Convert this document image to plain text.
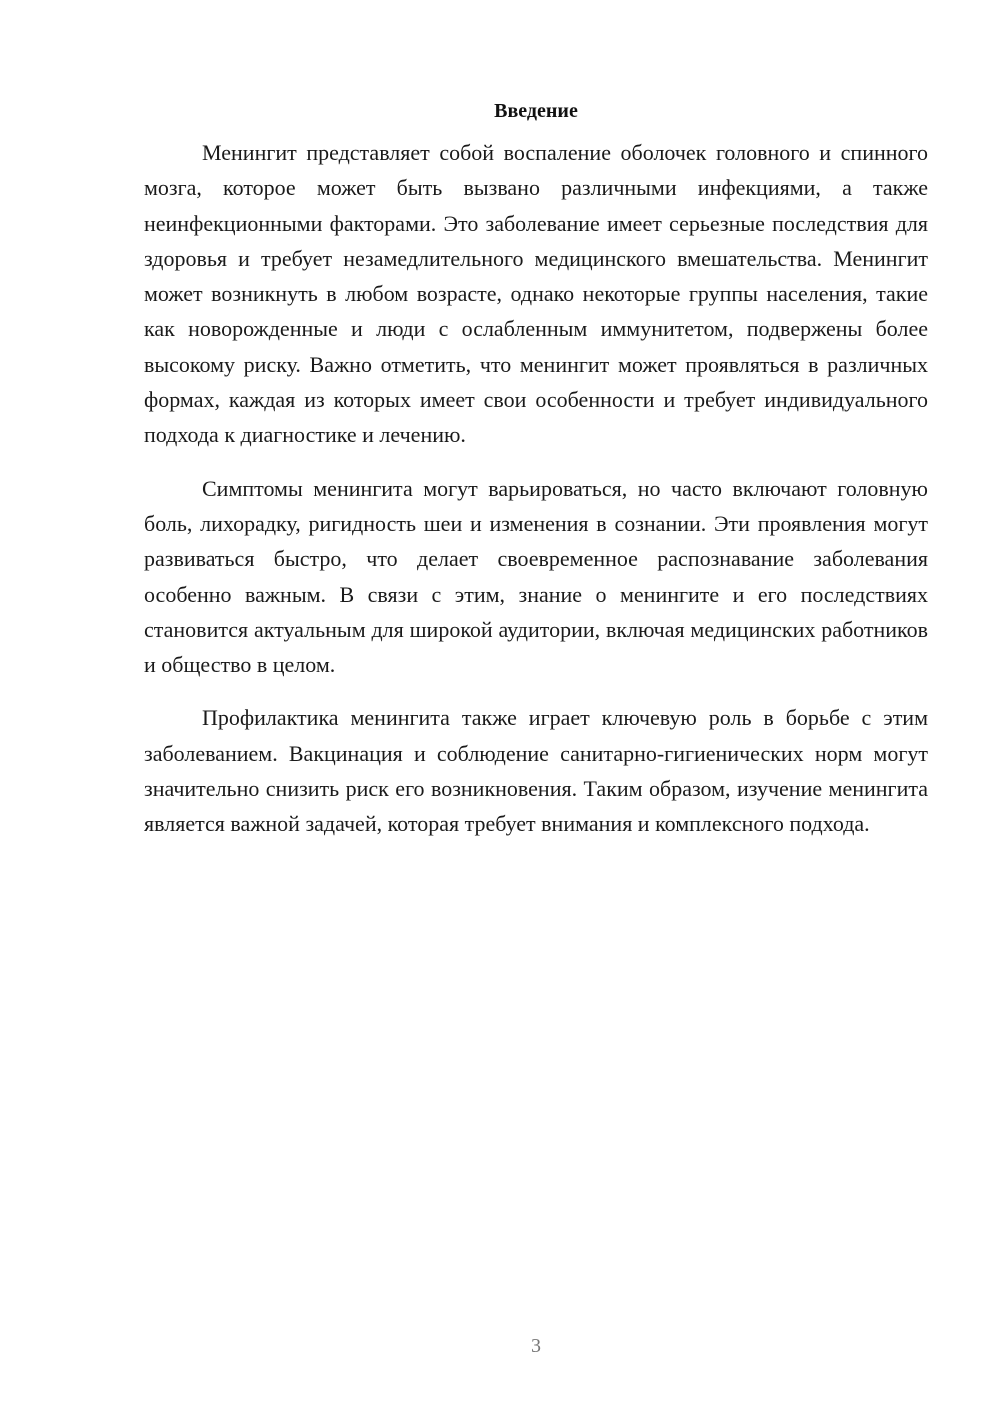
Введение

Менингит представляет собой воспаление оболочек головного и спинного мозга, которое может быть вызвано различными инфекциями, а также неинфекционными факторами. Это заболевание имеет серьезные последствия для здоровья и требует незамедлительного медицинского вмешательства. Менингит может возникнуть в любом возрасте, однако некоторые группы населения, такие как новорожденные и люди с ослабленным иммунитетом, подвержены более высокому риску. Важно отметить, что менингит может проявляться в различных формах, каждая из которых имеет свои особенности и требует индивидуального подхода к диагностике и лечению.

Симптомы менингита могут варьироваться, но часто включают головную боль, лихорадку, ригидность шеи и изменения в сознании. Эти проявления могут развиваться быстро, что делает своевременное распознавание заболевания особенно важным. В связи с этим, знание о менингите и его последствиях становится актуальным для широкой аудитории, включая медицинских работников и общество в целом.

Профилактика менингита также играет ключевую роль в борьбе с этим заболеванием. Вакцинация и соблюдение санитарно-гигиенических норм могут значительно снизить риск его возникновения. Таким образом, изучение менингита является важной задачей, которая требует внимания и комплексного подхода.

3
